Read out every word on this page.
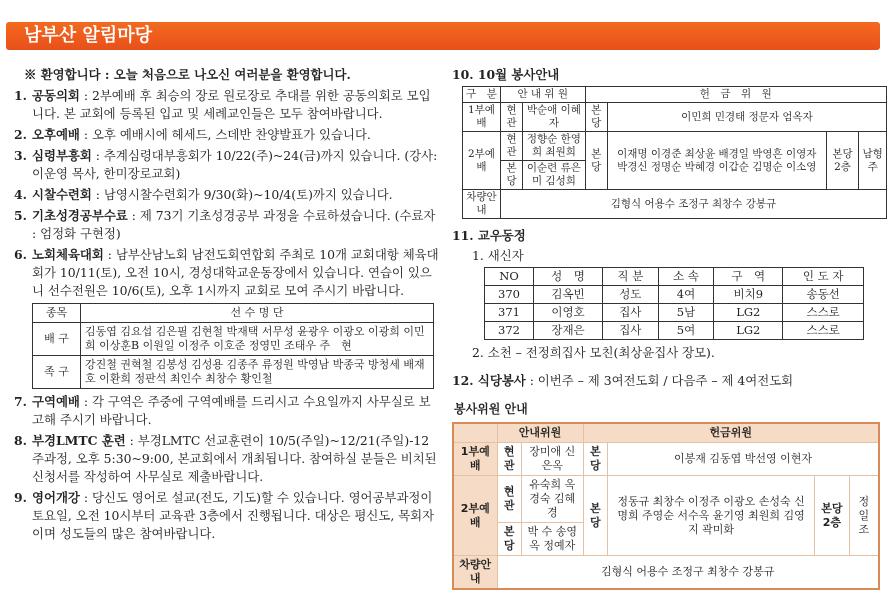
남부산 알림마당
※ 환영합니다 : 오늘 처음으로 나오신 여러분을 환영합니다.
1. 공동의회 : 2부예배 후 최승의 장로 원로장로 추대를 위한 공동의회로 모입니다. 본 교회에 등록된 입교 및 세례교인들은 모두 참여바랍니다.
2. 오후예배 : 오후 예배시에 헤세드, 스데반 찬양발표가 있습니다.
3. 심령부흥회 : 추계심령대부흥회가 10/22(주)~24(금)까지 있습니다. (강사: 이운영 목사, 한미장로교회)
4. 시찰수련회 : 남영시찰수련회가 9/30(화)~10/4(토)까지 있습니다.
5. 기초성경공부수료 : 제 73기 기초성경공부 과정을 수료하셨습니다. (수료자 : 엄정화 구현정)
6. 노회체육대회 : 남부산남노회 남전도회연합회 주최로 10개 교회대항 체육대회가 10/11(토), 오전 10시, 경성대학교운동장에서 있습니다. 연습이 있으니 선수전원은 10/6(토), 오후 1시까지 교회로 모여 주시기 바랍니다.
종목	선 수 명 단
배 구	김동엽 김요섭 김은필 김현철 박재택 서무성 윤광우 이광오 이광희 이민희 이상훈B 이원일 이정주 이호준 정영민 조태우 주　현
족 구	강진철 권혁철 김봉성 김성용 김종주 류정원 박영남 박종국 방청세 배재호 이환희 정판석 최인수 최창수 황인철
7. 구역예배 : 각 구역은 주중에 구역예배를 드리시고 수요일까지 사무실로 보고해 주시기 바랍니다.
8. 부경LMTC 훈련 : 부경LMTC 선교훈련이 10/5(주일)~12/21(주일)-12주과정, 오후 5:30~9:00, 본교회에서 개최됩니다. 참여하실 분들은 비치된 신청서를 작성하여 사무실로 제출바랍니다.
9. 영어개강 : 당신도 영어로 설교(전도, 기도)할 수 있습니다. 영어공부과정이 토요일, 오전 10시부터 교육관 3층에서 진행됩니다. 대상은 평신도, 목회자이며 성도들의 많은 참여바랍니다.
10. 10월 봉사안내
구　분	안 내 위 원		헌　금　위　원			
1부예배	현관	박순애 이혜자	본당	이민희 민경태 정문자 엄옥자		
2부예배	현관	정향순 한영희 최원희	본당	이재명 이경준 최상윤 배경일 박영흔 이영자 박경신 정명순 박혜경 이갑순 김명순 이소영	본당 2층	남형주
	본당	이순련 류은미 김성희				
차량안내	김형식 어용수 조정구 최창수 강봉규					
11. 교우동정
1. 새신자
NO	성　명	직 분	소 속	구　역	인 도 자
370	김옥빈	성도	4여	비치9	송동선
371	이영호	집사	5남	LG2	스스로
372	장재은	집사	5여	LG2	스스로
2. 소천 – 전정희집사 모친(최상윤집사 장모).
12. 식당봉사 : 이번주 – 제 3여전도회 / 다음주 – 제 4여전도회
봉사위원 안내
	안내위원		헌금위원			
1부예배	현관	장미애 신은옥	본당	이봉재 김동엽 박선영 이현자		
2부예배	현관	유숙희 옥경숙 김혜경	본당	정동규 최창수 이정주 이광오 손성숙 신명희 주영순 서수옥 윤기영 최원희 김영지 곽미화	본당 2층	정일조
	본당	박 수 송영옥 정예자				
차량안내	김형식 어용수 조정구 최창수 강봉규					
